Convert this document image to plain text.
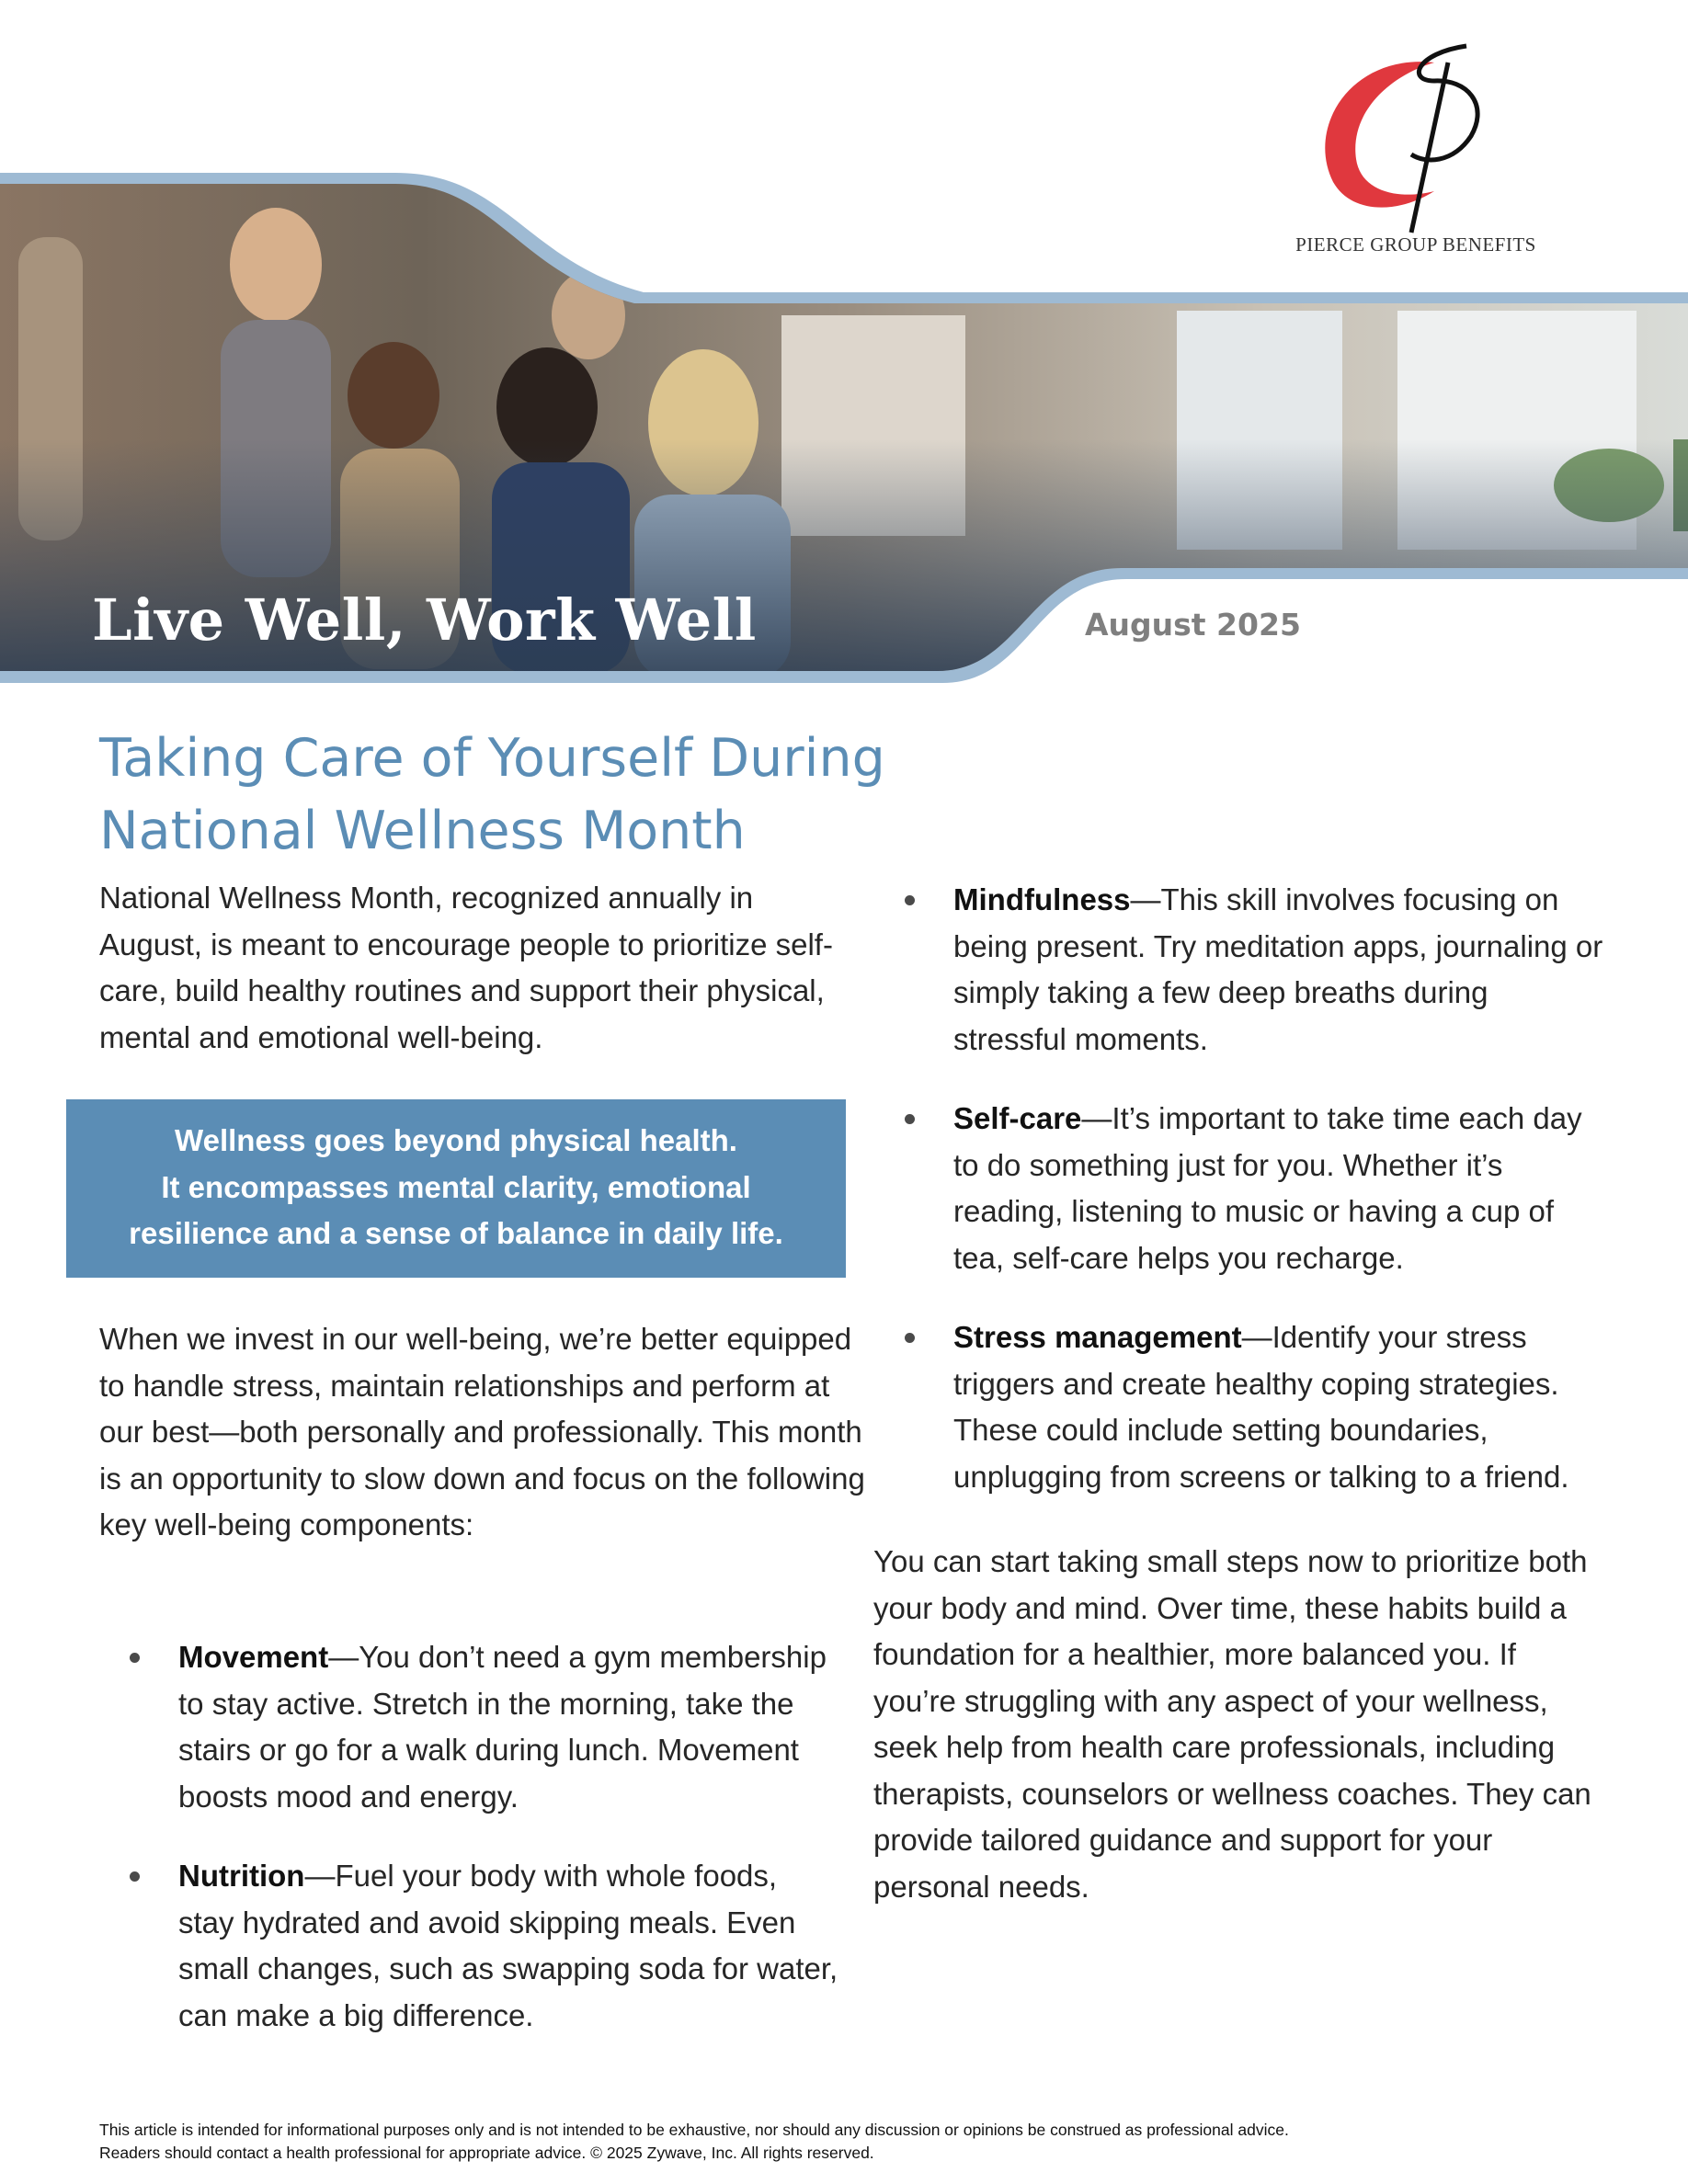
PIERCE GROUP BENEFITS
Live Well, Work Well	August 2025
Taking Care of Yourself During National Wellness Month
National Wellness Month, recognized annually in August, is meant to encourage people to prioritize self-care, build healthy routines and support their physical, mental and emotional well-being.
Wellness goes beyond physical health.
It encompasses mental clarity, emotional
resilience and a sense of balance in daily life.
When we invest in our well-being, we’re better equipped to handle stress, maintain relationships and perform at our best—both personally and professionally. This month is an opportunity to slow down and focus on the following key well-being components:
Movement—You don’t need a gym membership to stay active. Stretch in the morning, take the stairs or go for a walk during lunch. Movement boosts mood and energy.
Nutrition—Fuel your body with whole foods, stay hydrated and avoid skipping meals. Even small changes, such as swapping soda for water, can make a big difference.
Mindfulness—This skill involves focusing on being present. Try meditation apps, journaling or simply taking a few deep breaths during stressful moments.
Self-care—It’s important to take time each day to do something just for you. Whether it’s reading, listening to music or having a cup of tea, self-care helps you recharge.
Stress management—Identify your stress triggers and create healthy coping strategies. These could include setting boundaries, unplugging from screens or talking to a friend.
You can start taking small steps now to prioritize both your body and mind. Over time, these habits build a foundation for a healthier, more balanced you. If you’re struggling with any aspect of your wellness, seek help from health care professionals, including therapists, counselors or wellness coaches. They can provide tailored guidance and support for your personal needs.
This article is intended for informational purposes only and is not intended to be exhaustive, nor should any discussion or opinions be construed as professional advice.
Readers should contact a health professional for appropriate advice. © 2025 Zywave, Inc. All rights reserved.
